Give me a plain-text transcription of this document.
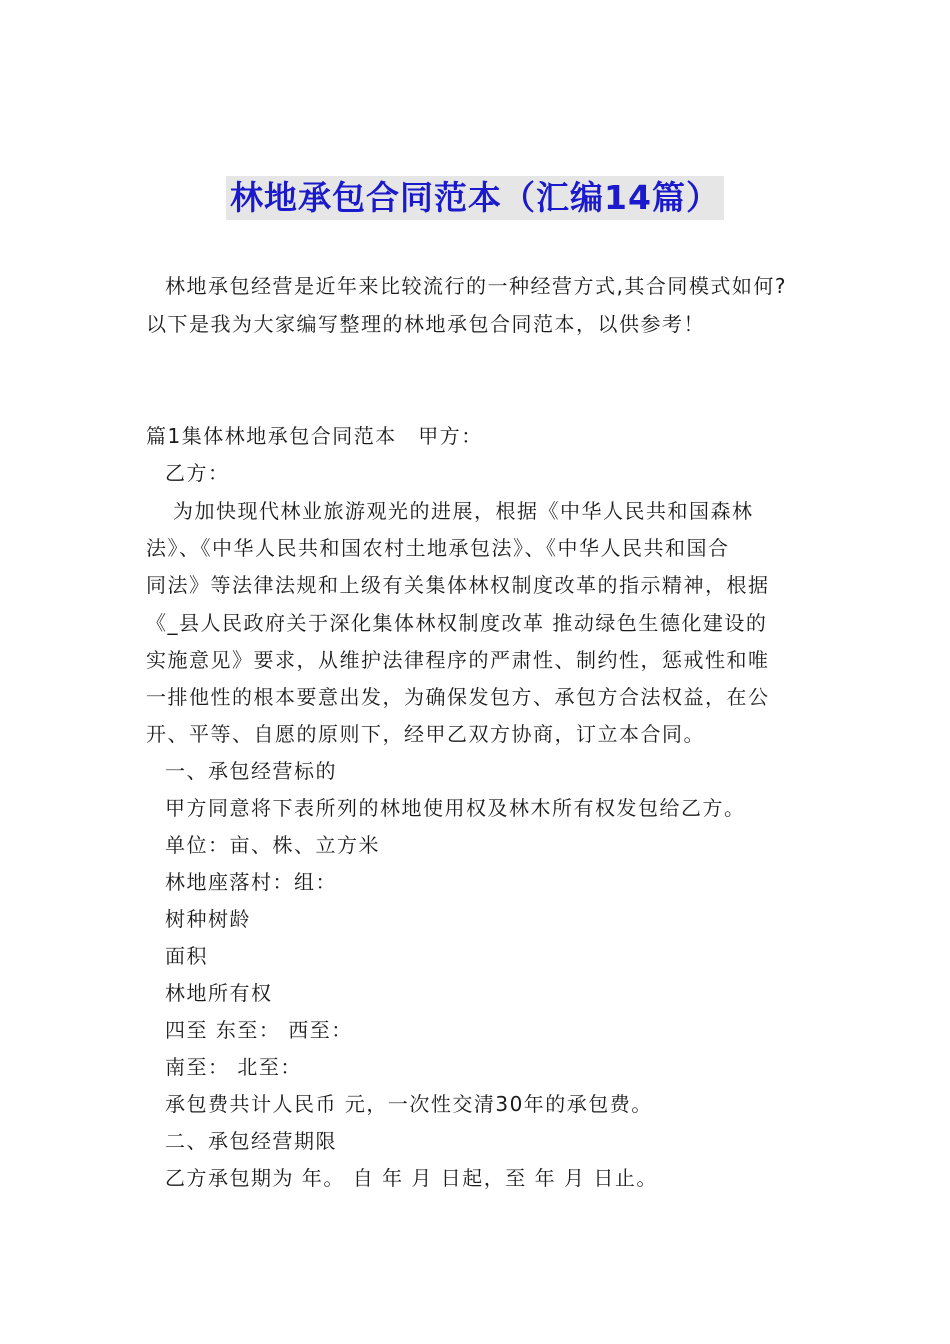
林地承包合同范本（汇编14篇）
林地承包经营是近年来比较流行的一种经营方式,其合同模式如何?
以下是我为大家编写整理的林地承包合同范本，以供参考！
篇1集体林地承包合同范本　甲方：
乙方：
为加快现代林业旅游观光的进展，根据《中华人民共和国森林
法》、《中华人民共和国农村土地承包法》、《中华人民共和国合
同法》等法律法规和上级有关集体林权制度改革的指示精神，根据
《_县人民政府关于深化集体林权制度改革 推动绿色生德化建设的
实施意见》要求，从维护法律程序的严肃性、制约性，惩戒性和唯
一排他性的根本要意出发，为确保发包方、承包方合法权益，在公
开、平等、自愿的原则下，经甲乙双方协商，订立本合同。
一、承包经营标的
甲方同意将下表所列的林地使用权及林木所有权发包给乙方。
单位：亩、株、立方米
林地座落村：组：
树种树龄
面积
林地所有权
四至 东至： 西至：
南至： 北至：
承包费共计人民币 元，一次性交清30年的承包费。
二、承包经营期限
乙方承包期为 年。 自 年 月 日起，至 年 月 日止。
